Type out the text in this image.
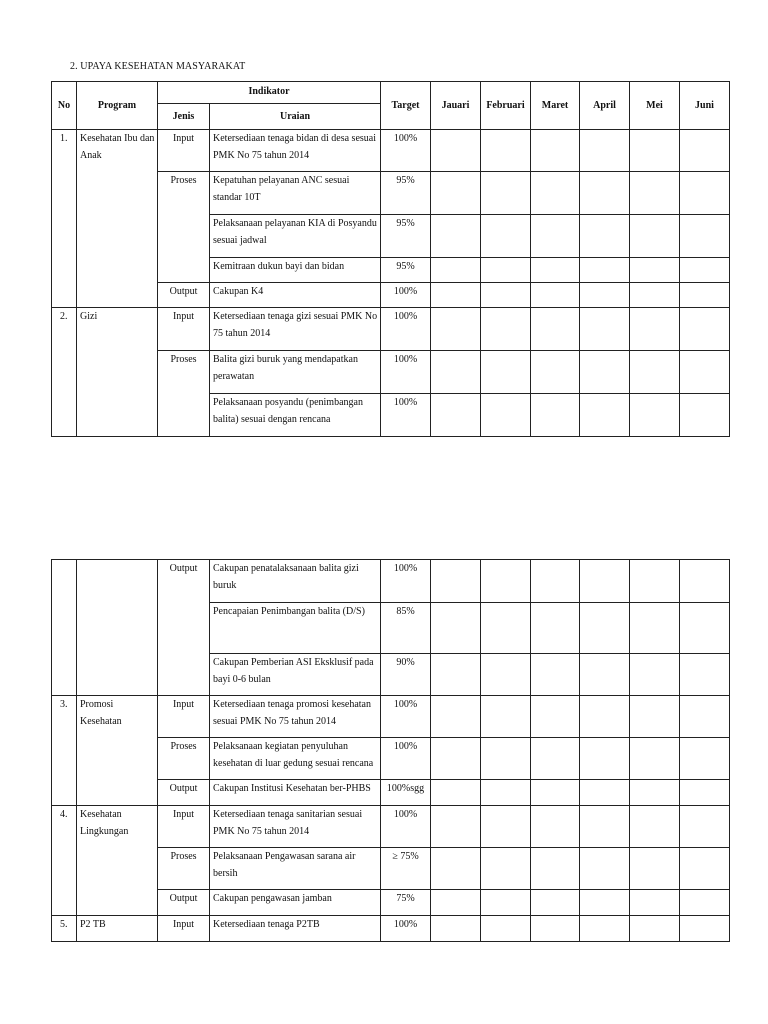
2. UPAYA KESEHATAN MASYARAKAT
No	Program	Indikator		Target	Jauari	Februari	Maret	April	Mei	Juni
		Jenis	Uraian							
1.	Kesehatan Ibu dan Anak	Input	Ketersediaan tenaga bidan di desa sesuai PMK No 75 tahun 2014	100%						
		Proses	Kepatuhan pelayanan ANC sesuai standar 10T	95%						
			Pelaksanaan pelayanan KIA di Posyandu sesuai jadwal	95%						
			Kemitraan dukun bayi dan bidan	95%						
		Output	Cakupan K4	100%						
2.	Gizi	Input	Ketersediaan tenaga gizi sesuai PMK No 75 tahun 2014	100%						
		Proses	Balita gizi buruk yang mendapatkan perawatan	100%						
			Pelaksanaan posyandu (penimbangan balita) sesuai dengan rencana	100%						
		Output	Cakupan penatalaksanaan balita gizi buruk	100%						
			Pencapaian Penimbangan balita (D/S)	85%						
			Cakupan Pemberian ASI Eksklusif pada bayi 0-6 bulan	90%						
3.	Promosi Kesehatan	Input	Ketersediaan tenaga promosi kesehatan sesuai PMK No 75 tahun 2014	100%						
		Proses	Pelaksanaan kegiatan penyuluhan kesehatan di luar gedung sesuai rencana	100%						
		Output	Cakupan Institusi Kesehatan ber-PHBS	100%sgg						
4.	Kesehatan Lingkungan	Input	Ketersediaan tenaga sanitarian sesuai PMK No 75 tahun 2014	100%						
		Proses	Pelaksanaan Pengawasan sarana air bersih	≥ 75%						
		Output	Cakupan pengawasan jamban	75%						
5.	P2 TB	Input	Ketersediaan tenaga P2TB	100%						
